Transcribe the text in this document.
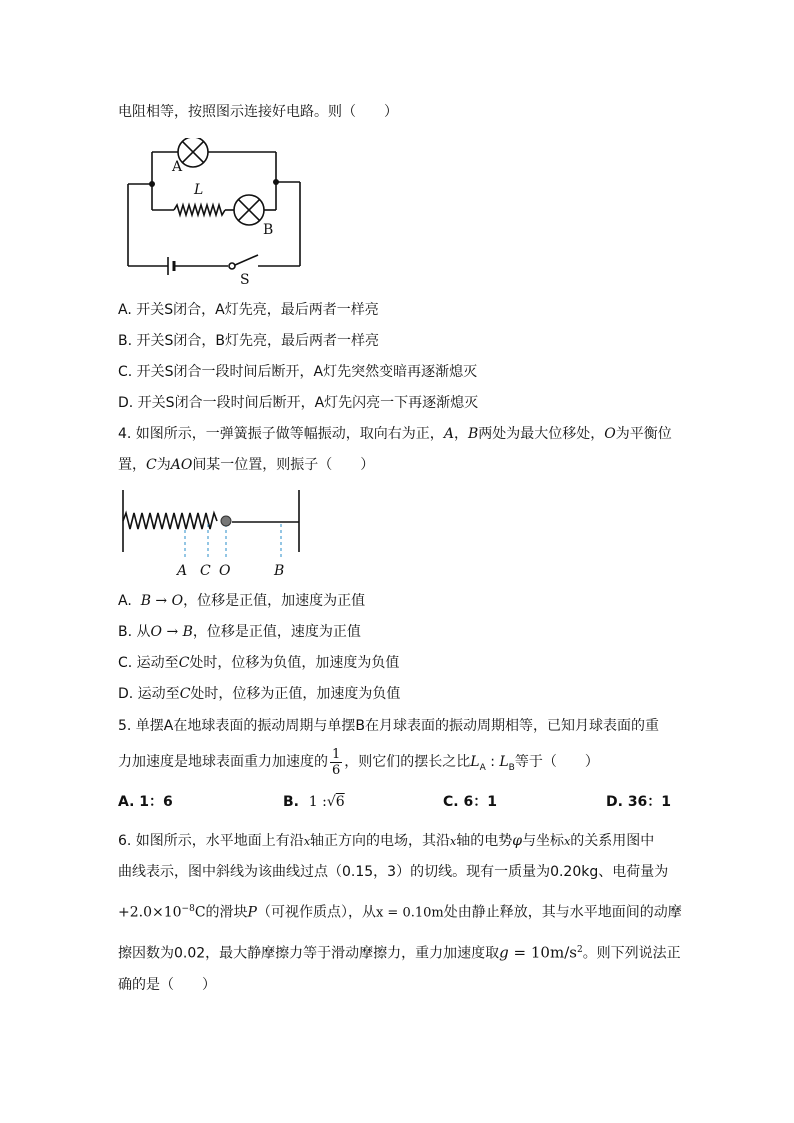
电阻相等，按照图示连接好电路。则（　　）
A
L
B
S
A. 开关S闭合，A灯先亮，最后两者一样亮
B. 开关S闭合，B灯先亮，最后两者一样亮
C. 开关S闭合一段时间后断开，A灯先突然变暗再逐渐熄灭
D. 开关S闭合一段时间后断开，A灯先闪亮一下再逐渐熄灭
4. 如图所示，一弹簧振子做等幅振动，取向右为正，A，B两处为最大位移处，O为平衡位
置，C为AO间某一位置，则振子（　　）
A C O	B
A. B → O，位移是正值，加速度为正值
B. 从O → B，位移是正值，速度为正值
C. 运动至C处时，位移为负值，加速度为负值
D. 运动至C处时，位移为正值，加速度为负值
5. 单摆A在地球表面的振动周期与单摆B在月球表面的振动周期相等，已知月球表面的重
力加速度是地球表面重力加速度的 $\frac{1}{6}$ ，则它们的摆长之比$L_A$ : $L_B$等于（　　）
A. 1：6	B. 1 :√6	C. 6：1	D. 36：1
6. 如图所示，水平地面上有沿x轴正方向的电场，其沿x轴的电势φ与坐标x的关系用图中
曲线表示，图中斜线为该曲线过点（0.15，3）的切线。现有一质量为0.20kg、电荷量为
$+2.0\times 10^{-8}C$的滑块P（可视作质点），从x = 0.10m处由静止释放，其与水平地面间的动摩
擦因数为0.02，最大静摩擦力等于滑动摩擦力，重力加速度取$g = 10m/s^2$。则下列说法正
确的是（　　）
